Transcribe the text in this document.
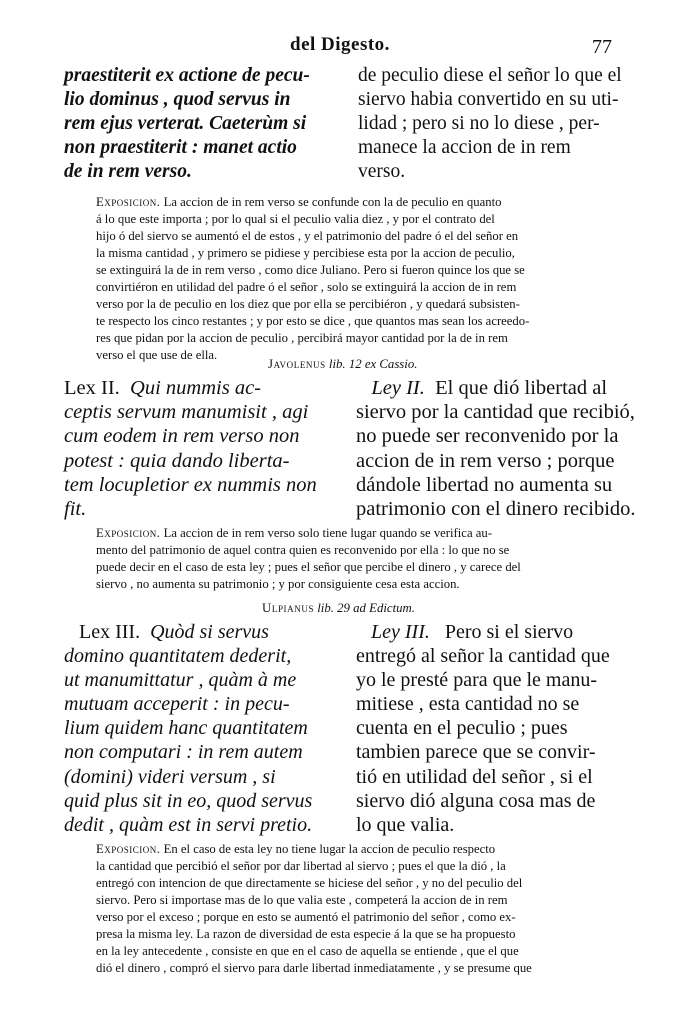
del Digesto.	77
praestiterit ex actione de pecu-
lio dominus , quod servus in
rem ejus verterat. Caeterùm si
non praestiterit : manet actio
de in rem verso.
de peculio diese el señor lo que el
siervo habia convertido en su uti-
lidad ; pero si no lo diese , per-
manece la accion de in rem
verso.
Exposicion. La accion de in rem verso se confunde con la de peculio en quanto
á lo que este importa ; por lo qual si el peculio valia diez , y por el contrato del
hijo ó del siervo se aumentó el de estos , y el patrimonio del padre ó el del señor en
la misma cantidad , y primero se pidiese y percibiese esta por la accion de peculio,
se extinguirá la de in rem verso , como dice Juliano. Pero si fueron quince los que se
convirtiéron en utilidad del padre ó el señor , solo se extinguirá la accion de in rem
verso por la de peculio en los diez que por ella se percibiéron , y quedará subsisten-
te respecto los cinco restantes ; y por esto se dice , que quantos mas sean los acreedo-
res que pidan por la accion de peculio , percibirá mayor cantidad por la de in rem
verso el que use de ella.
Javolenus lib. 12 ex Cassio.
Lex II. Qui nummis ac-
ceptis servum manumisit , agi
cum eodem in rem verso non
potest : quia dando liberta-
tem locupletior ex nummis non
fit.
Ley II. El que dió libertad al
siervo por la cantidad que recibió,
no puede ser reconvenido por la
accion de in rem verso ; porque
dándole libertad no aumenta su
patrimonio con el dinero recibido.
Exposicion. La accion de in rem verso solo tiene lugar quando se verifica au-
mento del patrimonio de aquel contra quien es reconvenido por ella : lo que no se
puede decir en el caso de esta ley ; pues el señor que percibe el dinero , y carece del
siervo , no aumenta su patrimonio ; y por consiguiente cesa esta accion.
Ulpianus lib. 29 ad Edictum.
Lex III. Quòd si servus
domino quantitatem dederit,
ut manumittatur , quàm à me
mutuam acceperit : in pecu-
lium quidem hanc quantitatem
non computari : in rem autem
(domini) videri versum , si
quid plus sit in eo, quod servus
dedit , quàm est in servi pretio.
Ley III. Pero si el siervo
entregó al señor la cantidad que
yo le presté para que le manu-
mitiese , esta cantidad no se
cuenta en el peculio ; pues
tambien parece que se convir-
tió en utilidad del señor , si el
siervo dió alguna cosa mas de
lo que valia.
Exposicion. En el caso de esta ley no tiene lugar la accion de peculio respecto
la cantidad que percibió el señor por dar libertad al siervo ; pues el que la dió , la
entregó con intencion de que directamente se hiciese del señor , y no del peculio del
siervo. Pero si importase mas de lo que valia este , competerá la accion de in rem
verso por el exceso ; porque en esto se aumentó el patrimonio del señor , como ex-
presa la misma ley. La razon de diversidad de esta especie á la que se ha propuesto
en la ley antecedente , consiste en que en el caso de aquella se entiende , que el que
dió el dinero , compró el siervo para darle libertad inmediatamente , y se presume que
